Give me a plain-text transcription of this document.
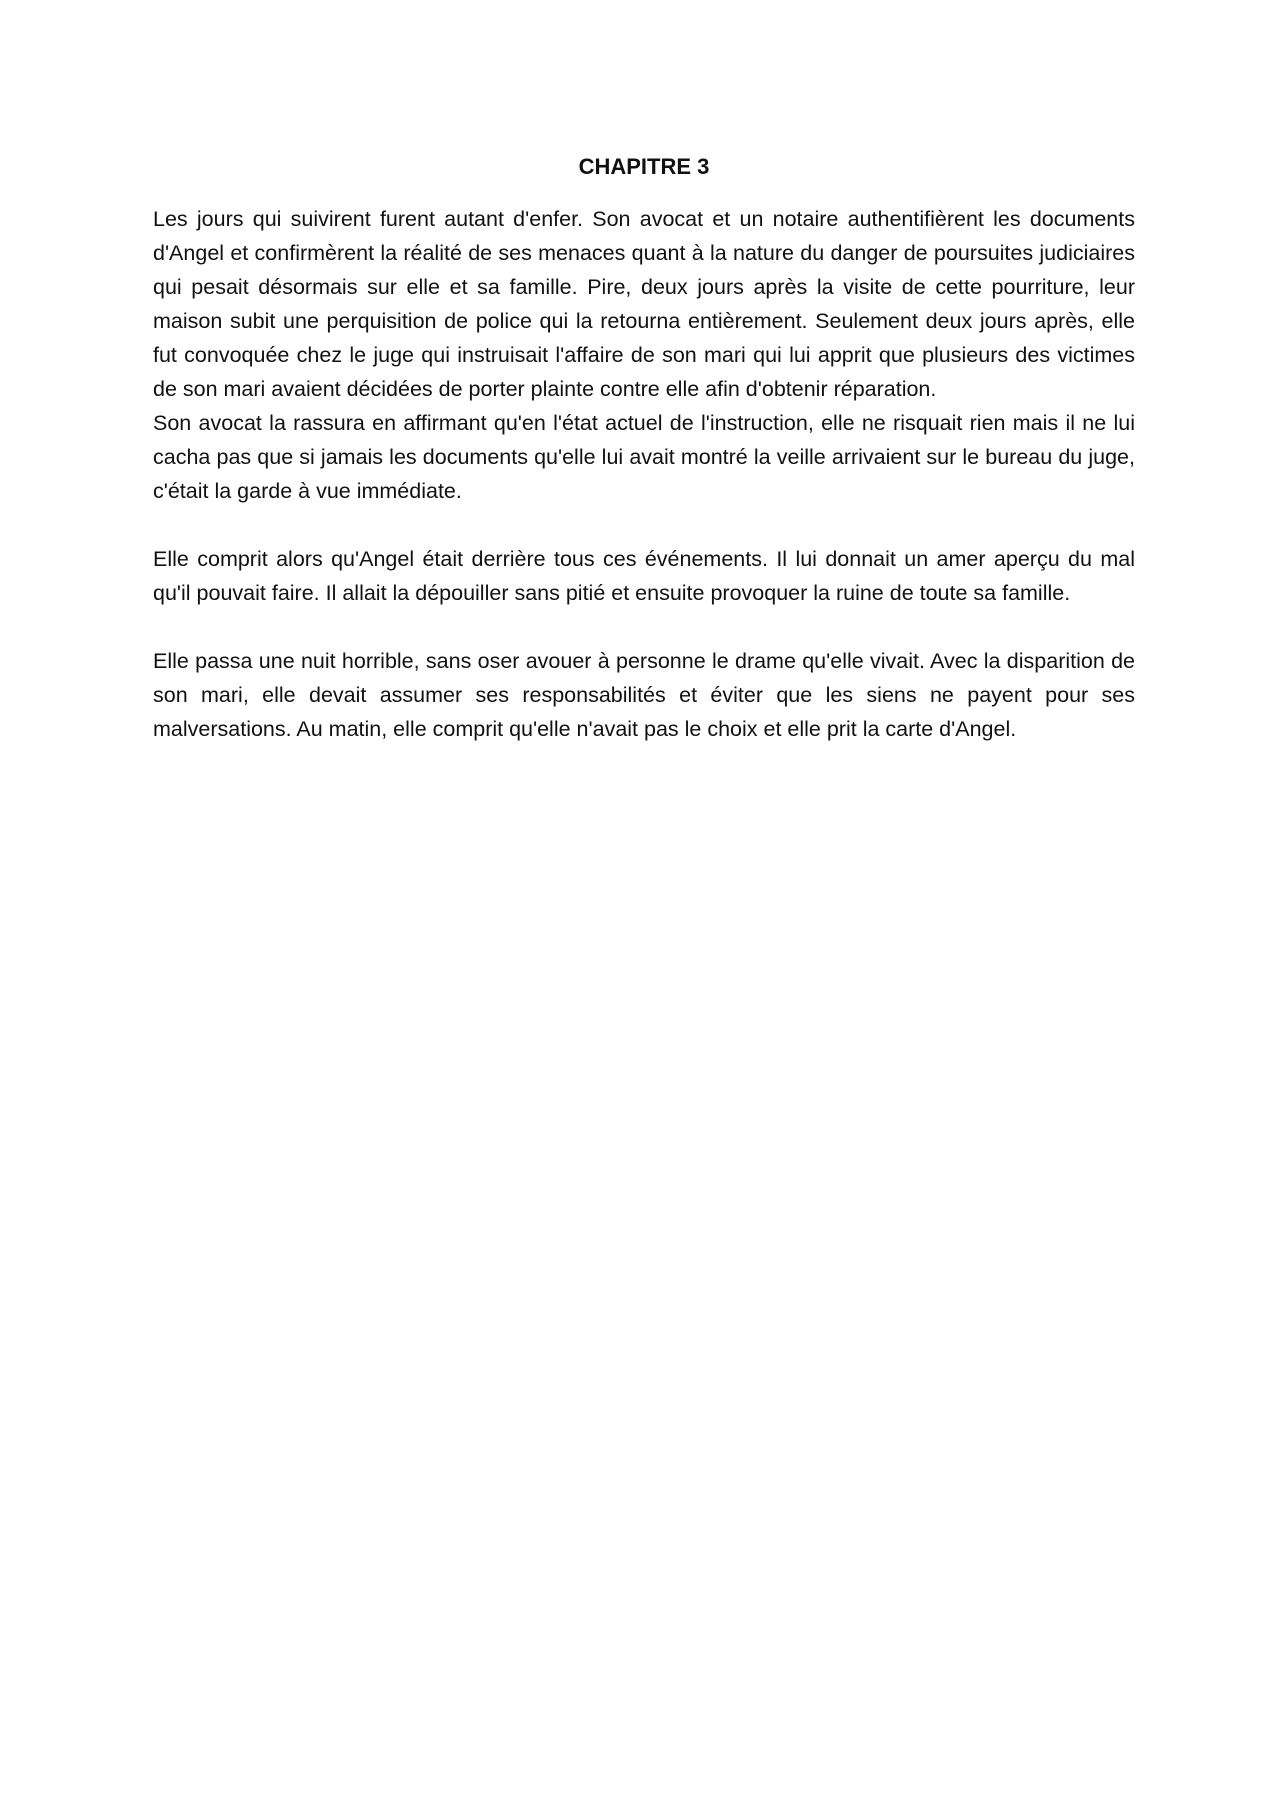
CHAPITRE 3

Les jours qui suivirent furent autant d'enfer. Son avocat et un notaire authentifièrent les documents d'Angel et confirmèrent la réalité de ses menaces quant à la nature du danger de poursuites judiciaires qui pesait désormais sur elle et sa famille. Pire, deux jours après la visite de cette pourriture, leur maison subit une perquisition de police qui la retourna entièrement. Seulement deux jours après, elle fut convoquée chez le juge qui instruisait l'affaire de son mari qui lui apprit que plusieurs des victimes de son mari avaient décidées de porter plainte contre elle afin d'obtenir réparation.

Son avocat la rassura en affirmant qu'en l'état actuel de l'instruction, elle ne risquait rien mais il ne lui cacha pas que si jamais les documents qu'elle lui avait montré la veille arrivaient sur le bureau du juge, c'était la garde à vue immédiate.

Elle comprit alors qu'Angel était derrière tous ces événements. Il lui donnait un amer aperçu du mal qu'il pouvait faire. Il allait la dépouiller sans pitié et ensuite provoquer la ruine de toute sa famille.

Elle passa une nuit horrible, sans oser avouer à personne le drame qu'elle vivait. Avec la disparition de son mari, elle devait assumer ses responsabilités et éviter que les siens ne payent pour ses malversations. Au matin, elle comprit qu'elle n'avait pas le choix et elle prit la carte d'Angel.
